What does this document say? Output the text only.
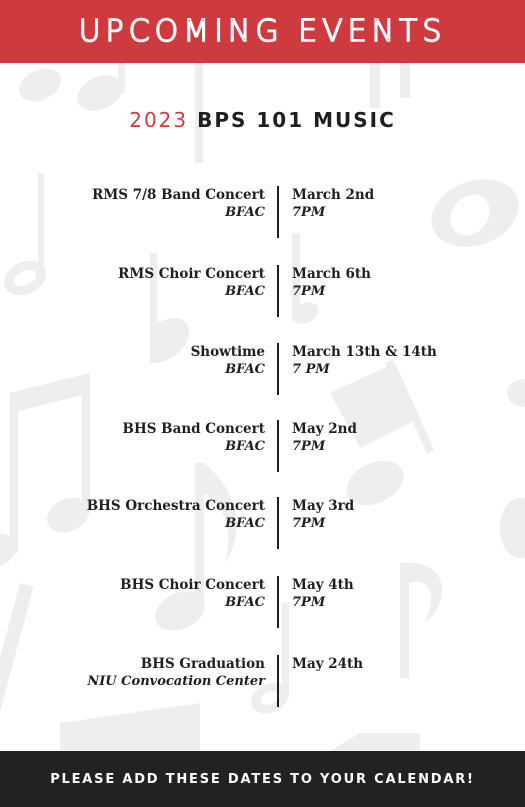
UPCOMING EVENTS
2023 BPS 101 MUSIC
RMS 7/8 Band Concert
BFAC
March 2nd
7PM
RMS Choir Concert
BFAC
March 6th
7PM
Showtime
BFAC
March 13th & 14th
7 PM
BHS Band Concert
BFAC
May 2nd
7PM
BHS Orchestra Concert
BFAC
May 3rd
7PM
BHS Choir Concert
BFAC
May 4th
7PM
BHS Graduation
NIU Convocation Center
May 24th
PLEASE ADD THESE DATES TO YOUR CALENDAR!
